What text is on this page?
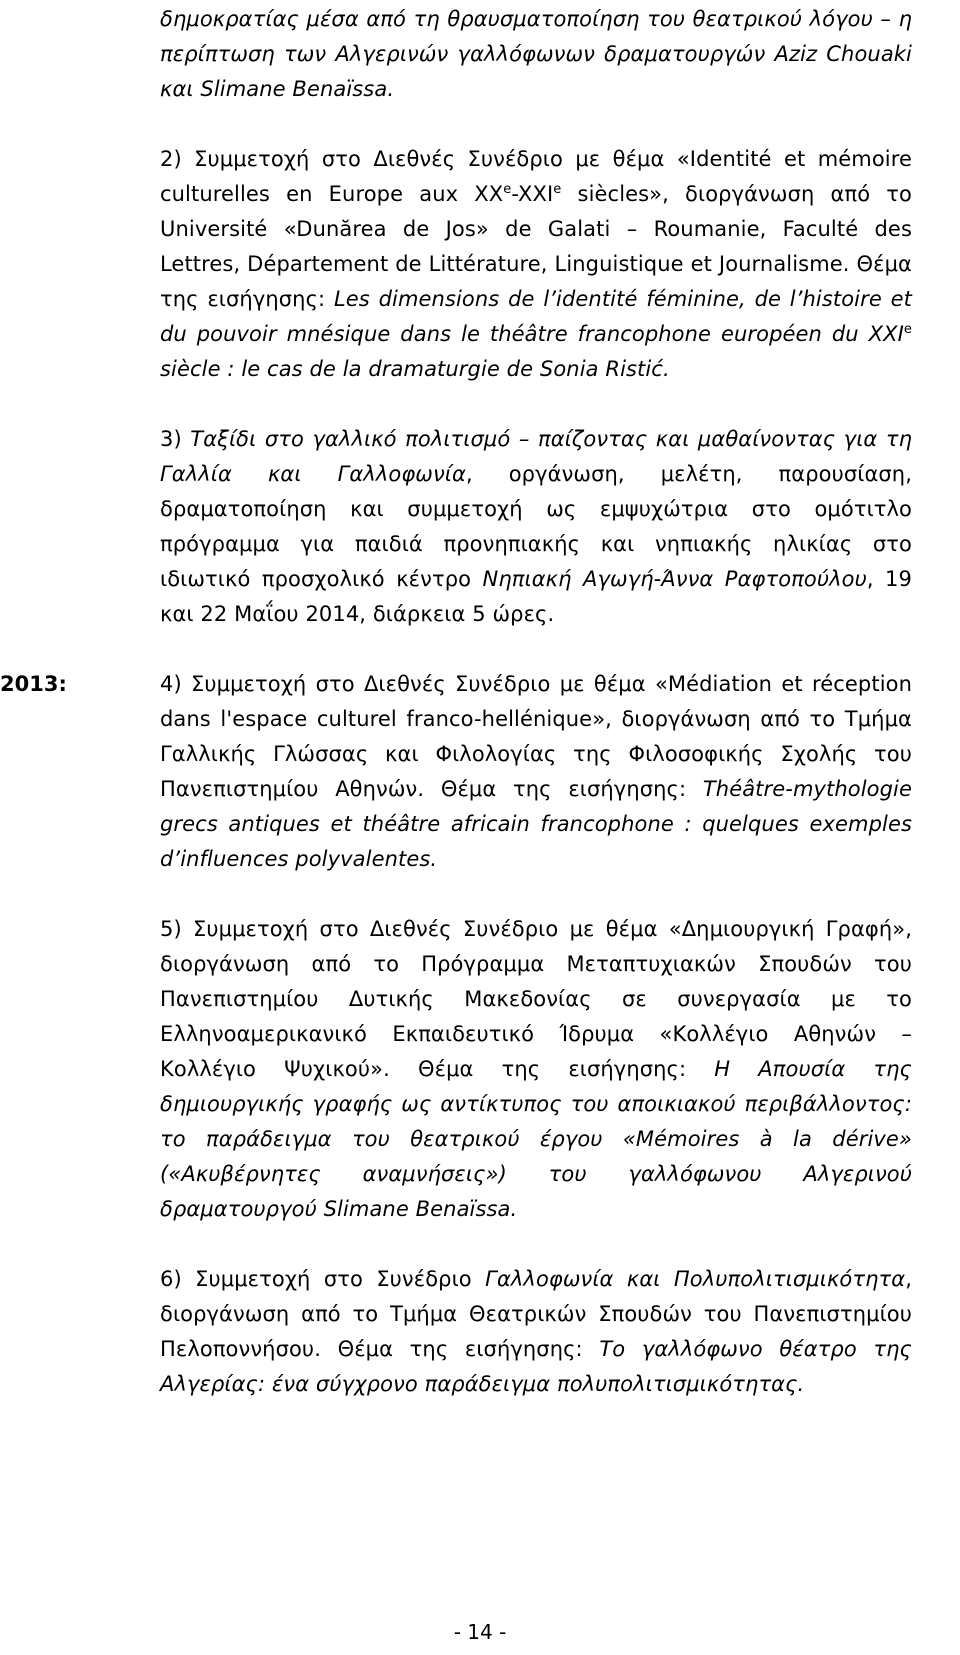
δημοκρατίας μέσα από τη θραυσματοποίηση του θεατρικού λόγου – η περίπτωση των Αλγερινών γαλλόφωνων δραματουργών Aziz Chouaki και Slimane Benaïssa.

2) Συμμετοχή στο Διεθνές Συνέδριο με θέμα «Identité et mémoire culturelles en Europe aux XXe-XXIe siècles», διοργάνωση από το Université «Dunărea de Jos» de Galati – Roumanie, Faculté des Lettres, Département de Littérature, Linguistique et Journalisme. Θέμα της εισήγησης: Les dimensions de l’identité féminine, de l’histoire et du pouvoir mnésique dans le théâtre francophone européen du XXIe siècle : le cas de la dramaturgie de Sonia Ristić.

3) Ταξίδι στο γαλλικό πολιτισμό – παίζοντας και μαθαίνοντας για τη Γαλλία και Γαλλοφωνία, οργάνωση, μελέτη, παρουσίαση, δραματοποίηση και συμμετοχή ως εμψυχώτρια στο ομότιτλο πρόγραμμα για παιδιά προνηπιακής και νηπιακής ηλικίας στο ιδιωτικό προσχολικό κέντρο Νηπιακή Αγωγή-Άννα Ραφτοπούλου, 19 και 22 Μαΐου 2014, διάρκεια 5 ώρες.

2013:	4) Συμμετοχή στο Διεθνές Συνέδριο με θέμα «Médiation et réception dans l'espace culturel franco-hellénique», διοργάνωση από το Τμήμα Γαλλικής Γλώσσας και Φιλολογίας της Φιλοσοφικής Σχολής του Πανεπιστημίου Αθηνών. Θέμα της εισήγησης: Théâtre-mythologie grecs antiques et théâtre africain francophone : quelques exemples d’influences polyvalentes.

5) Συμμετοχή στο Διεθνές Συνέδριο με θέμα «Δημιουργική Γραφή», διοργάνωση από το Πρόγραμμα Μεταπτυχιακών Σπουδών του Πανεπιστημίου Δυτικής Μακεδονίας σε συνεργασία με το Ελληνοαμερικανικό Εκπαιδευτικό Ίδρυμα «Κολλέγιο Αθηνών – Κολλέγιο Ψυχικού». Θέμα της εισήγησης: Η Απουσία της δημιουργικής γραφής ως αντίκτυπος του αποικιακού περιβάλλοντος: το παράδειγμα του θεατρικού έργου «Mémoires à la dérive» («Ακυβέρνητες αναμνήσεις») του γαλλόφωνου Αλγερινού δραματουργού Slimane Benaïssa.

6) Συμμετοχή στο Συνέδριο Γαλλοφωνία και Πολυπολιτισμικότητα, διοργάνωση από το Τμήμα Θεατρικών Σπουδών του Πανεπιστημίου Πελοποννήσου. Θέμα της εισήγησης: Το γαλλόφωνο θέατρο της Αλγερίας: ένα σύγχρονο παράδειγμα πολυπολιτισμικότητας.

- 14 -
